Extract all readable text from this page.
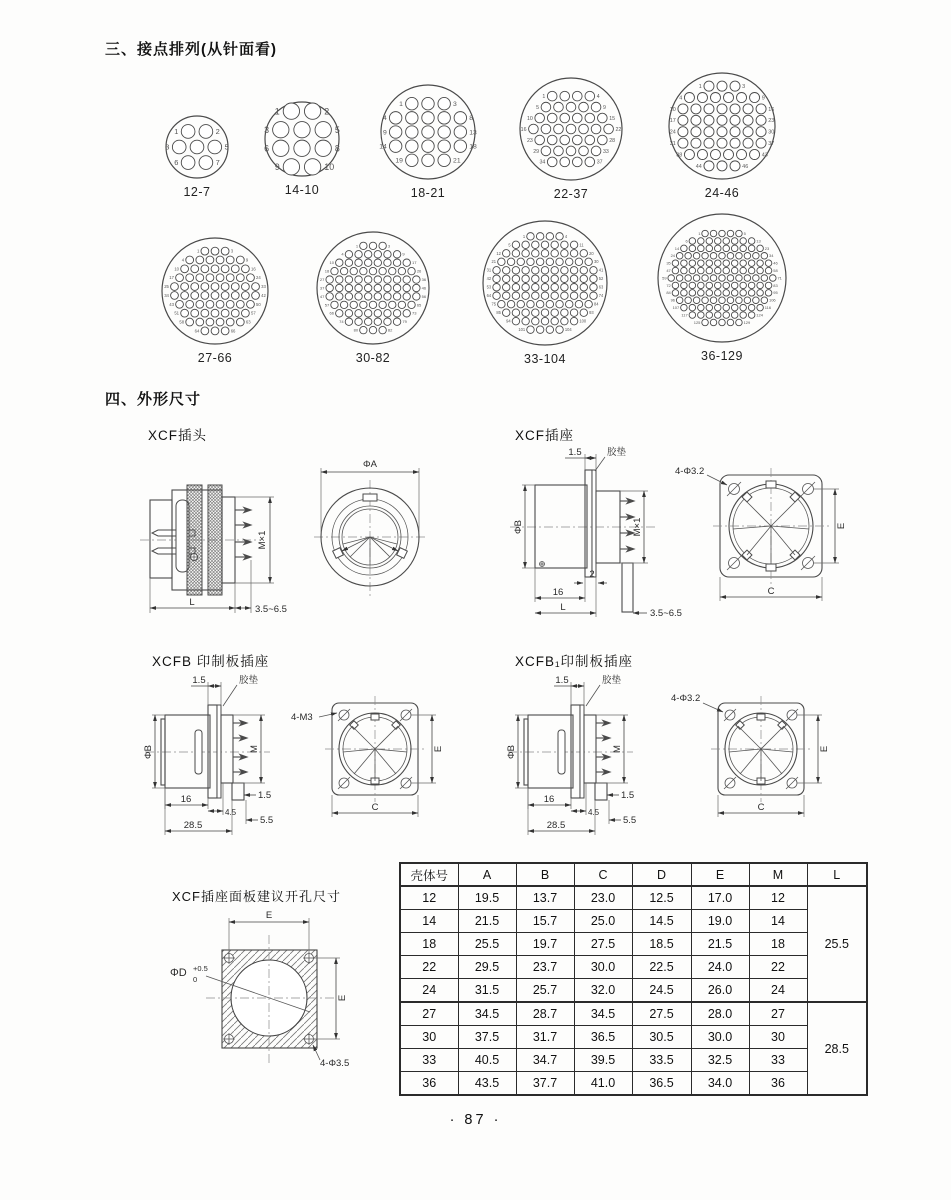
三、接点排列(从针面看)
1	2
3	5
6	7
12-7
1	2
3	5
6	8
9	10
14-10
1	3
4	8
9	13
14	18
19	21
18-21
1	4
5	9
10	15
16	22
23	28
29	33
34	37
22-37
1	3
4	9
10	16
17	23
24	30
31	37
38	43
44	46
24-46
1	3
4	9
10	16
17	24
25	33
34	42
43	50
51	57
58	63
64	66
27-66
1	3
4	9
10	17
18	26
27	36
37	46
47	56
57	65
66	73
74	79
80	82
30-82
1	4
5	11
12	20
21	30
31	41
42	52
53	63
64	74
75	84
85	93
94	100
101	104
33-104
1	5
6	13
14	23
24	34
35	46
47	58
59	71
72	83
84	95
96	106
107	116
117	124
125	129
36-129
四、外形尺寸
XCF插头	XCF插座
XCFB 印制板插座	XCFB₁印制板插座
XCF插座面板建议开孔尺寸
M×1
L
3.5~6.5
ΦA
1.5	胶垫
ΦB	M×1
2
16
L
3.5~6.5
4-Φ3.2
E
C
1.5	胶垫
ΦB	M
16
4.5
1.5
5.5
28.5
4-M3
E
C
1.5	胶垫
ΦB	M
16
4.5
1.5
5.5
28.5
4-Φ3.2
E
C
E
E
ΦD +0.5
0
4-Φ3.5
壳体号	A	B	C	D	E	M	L
12	19.5	13.7	23.0	12.5	17.0	12	25.5
14	21.5	15.7	25.0	14.5	19.0	14	
18	25.5	19.7	27.5	18.5	21.5	18	
22	29.5	23.7	30.0	22.5	24.0	22	
24	31.5	25.7	32.0	24.5	26.0	24	
27	34.5	28.7	34.5	27.5	28.0	27	28.5
30	37.5	31.7	36.5	30.5	30.0	30	
33	40.5	34.7	39.5	33.5	32.5	33	
36	43.5	37.7	41.0	36.5	34.0	36	
· 87 ·
